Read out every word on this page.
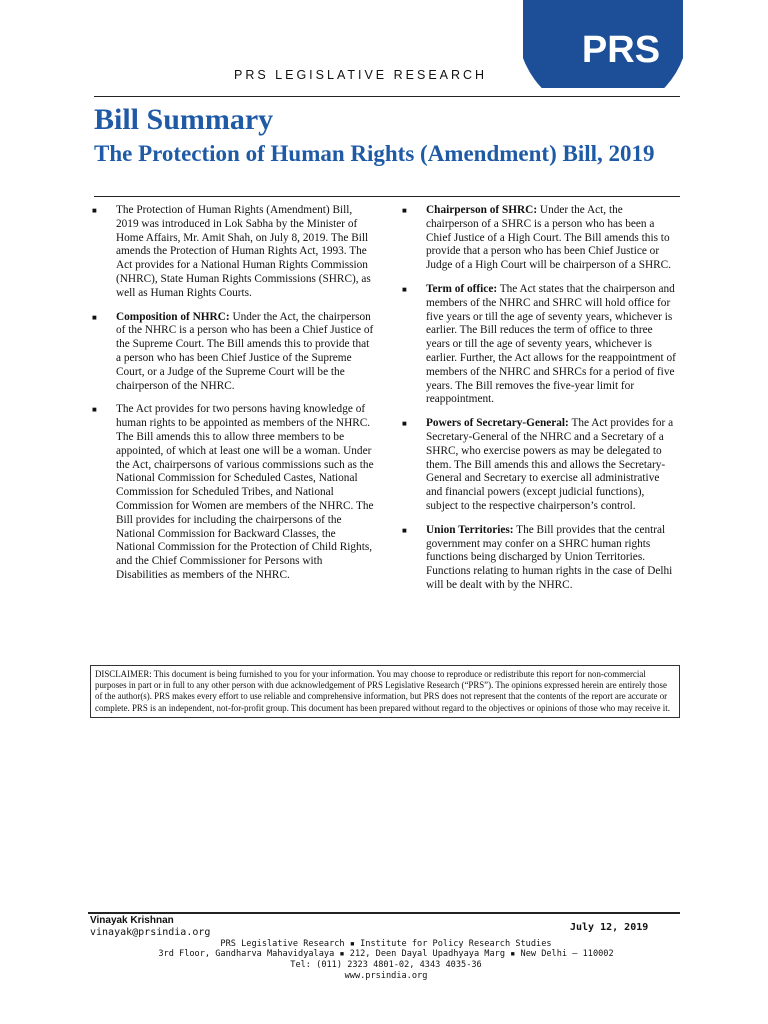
PRS
PRS LEGISLATIVE RESEARCH
Bill Summary
The Protection of Human Rights (Amendment) Bill, 2019
■ The Protection of Human Rights (Amendment) Bill, 2019 was introduced in Lok Sabha by the Minister of Home Affairs, Mr. Amit Shah, on July 8, 2019. The Bill amends the Protection of Human Rights Act, 1993. The Act provides for a National Human Rights Commission (NHRC), State Human Rights Commissions (SHRC), as well as Human Rights Courts.
■ Composition of NHRC: Under the Act, the chairperson of the NHRC is a person who has been a Chief Justice of the Supreme Court. The Bill amends this to provide that a person who has been Chief Justice of the Supreme Court, or a Judge of the Supreme Court will be the chairperson of the NHRC.
■ The Act provides for two persons having knowledge of human rights to be appointed as members of the NHRC. The Bill amends this to allow three members to be appointed, of which at least one will be a woman. Under the Act, chairpersons of various commissions such as the National Commission for Scheduled Castes, National Commission for Scheduled Tribes, and National Commission for Women are members of the NHRC. The Bill provides for including the chairpersons of the National Commission for Backward Classes, the National Commission for the Protection of Child Rights, and the Chief Commissioner for Persons with Disabilities as members of the NHRC.
■ Chairperson of SHRC: Under the Act, the chairperson of a SHRC is a person who has been a Chief Justice of a High Court. The Bill amends this to provide that a person who has been Chief Justice or Judge of a High Court will be chairperson of a SHRC.
■ Term of office: The Act states that the chairperson and members of the NHRC and SHRC will hold office for five years or till the age of seventy years, whichever is earlier. The Bill reduces the term of office to three years or till the age of seventy years, whichever is earlier. Further, the Act allows for the reappointment of members of the NHRC and SHRCs for a period of five years. The Bill removes the five-year limit for reappointment.
■ Powers of Secretary-General: The Act provides for a Secretary-General of the NHRC and a Secretary of a SHRC, who exercise powers as may be delegated to them. The Bill amends this and allows the Secretary-General and Secretary to exercise all administrative and financial powers (except judicial functions), subject to the respective chairperson’s control.
■ Union Territories: The Bill provides that the central government may confer on a SHRC human rights functions being discharged by Union Territories. Functions relating to human rights in the case of Delhi will be dealt with by the NHRC.
DISCLAIMER: This document is being furnished to you for your information. You may choose to reproduce or redistribute this report for non-commercial purposes in part or in full to any other person with due acknowledgement of PRS Legislative Research (“PRS”). The opinions expressed herein are entirely those of the author(s). PRS makes every effort to use reliable and comprehensive information, but PRS does not represent that the contents of the report are accurate or complete. PRS is an independent, not-for-profit group. This document has been prepared without regard to the objectives or opinions of those who may receive it.
Vinayak Krishnan
vinayak@prsindia.org	July 12, 2019
PRS Legislative Research ▪ Institute for Policy Research Studies
3rd Floor, Gandharva Mahavidyalaya ▪ 212, Deen Dayal Upadhyaya Marg ▪ New Delhi – 110002
Tel: (011) 2323 4801-02, 4343 4035-36
www.prsindia.org
